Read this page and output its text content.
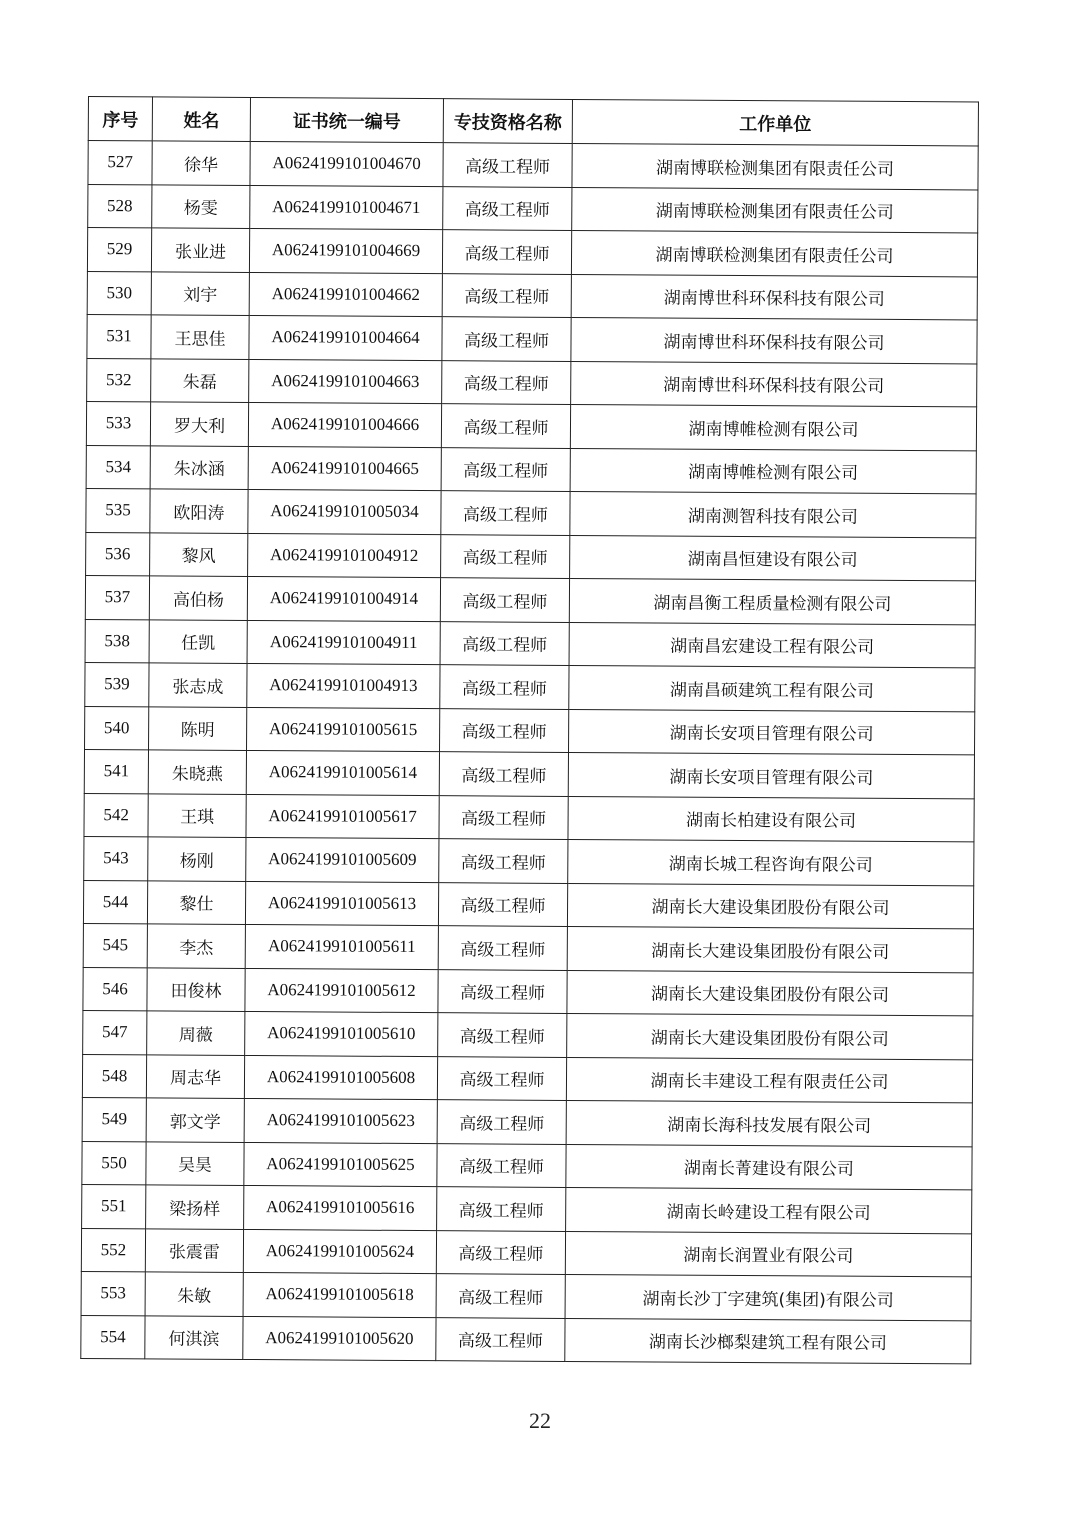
序号	姓名	证书统一编号	专技资格名称	工作单位
527	徐华	A0624199101004670	高级工程师	湖南博联检测集团有限责任公司
528	杨雯	A0624199101004671	高级工程师	湖南博联检测集团有限责任公司
529	张业进	A0624199101004669	高级工程师	湖南博联检测集团有限责任公司
530	刘宇	A0624199101004662	高级工程师	湖南博世科环保科技有限公司
531	王思佳	A0624199101004664	高级工程师	湖南博世科环保科技有限公司
532	朱磊	A0624199101004663	高级工程师	湖南博世科环保科技有限公司
533	罗大利	A0624199101004666	高级工程师	湖南博帷检测有限公司
534	朱冰涵	A0624199101004665	高级工程师	湖南博帷检测有限公司
535	欧阳涛	A0624199101005034	高级工程师	湖南测智科技有限公司
536	黎风	A0624199101004912	高级工程师	湖南昌恒建设有限公司
537	高伯杨	A0624199101004914	高级工程师	湖南昌衡工程质量检测有限公司
538	任凯	A0624199101004911	高级工程师	湖南昌宏建设工程有限公司
539	张志成	A0624199101004913	高级工程师	湖南昌硕建筑工程有限公司
540	陈明	A0624199101005615	高级工程师	湖南长安项目管理有限公司
541	朱晓燕	A0624199101005614	高级工程师	湖南长安项目管理有限公司
542	王琪	A0624199101005617	高级工程师	湖南长柏建设有限公司
543	杨刚	A0624199101005609	高级工程师	湖南长城工程咨询有限公司
544	黎仕	A0624199101005613	高级工程师	湖南长大建设集团股份有限公司
545	李杰	A0624199101005611	高级工程师	湖南长大建设集团股份有限公司
546	田俊林	A0624199101005612	高级工程师	湖南长大建设集团股份有限公司
547	周薇	A0624199101005610	高级工程师	湖南长大建设集团股份有限公司
548	周志华	A0624199101005608	高级工程师	湖南长丰建设工程有限责任公司
549	郭文学	A0624199101005623	高级工程师	湖南长海科技发展有限公司
550	吴昊	A0624199101005625	高级工程师	湖南长菁建设有限公司
551	梁扬样	A0624199101005616	高级工程师	湖南长岭建设工程有限公司
552	张震雷	A0624199101005624	高级工程师	湖南长润置业有限公司
553	朱敏	A0624199101005618	高级工程师	湖南长沙丁字建筑(集团)有限公司
554	何淇滨	A0624199101005620	高级工程师	湖南长沙榔梨建筑工程有限公司
22
